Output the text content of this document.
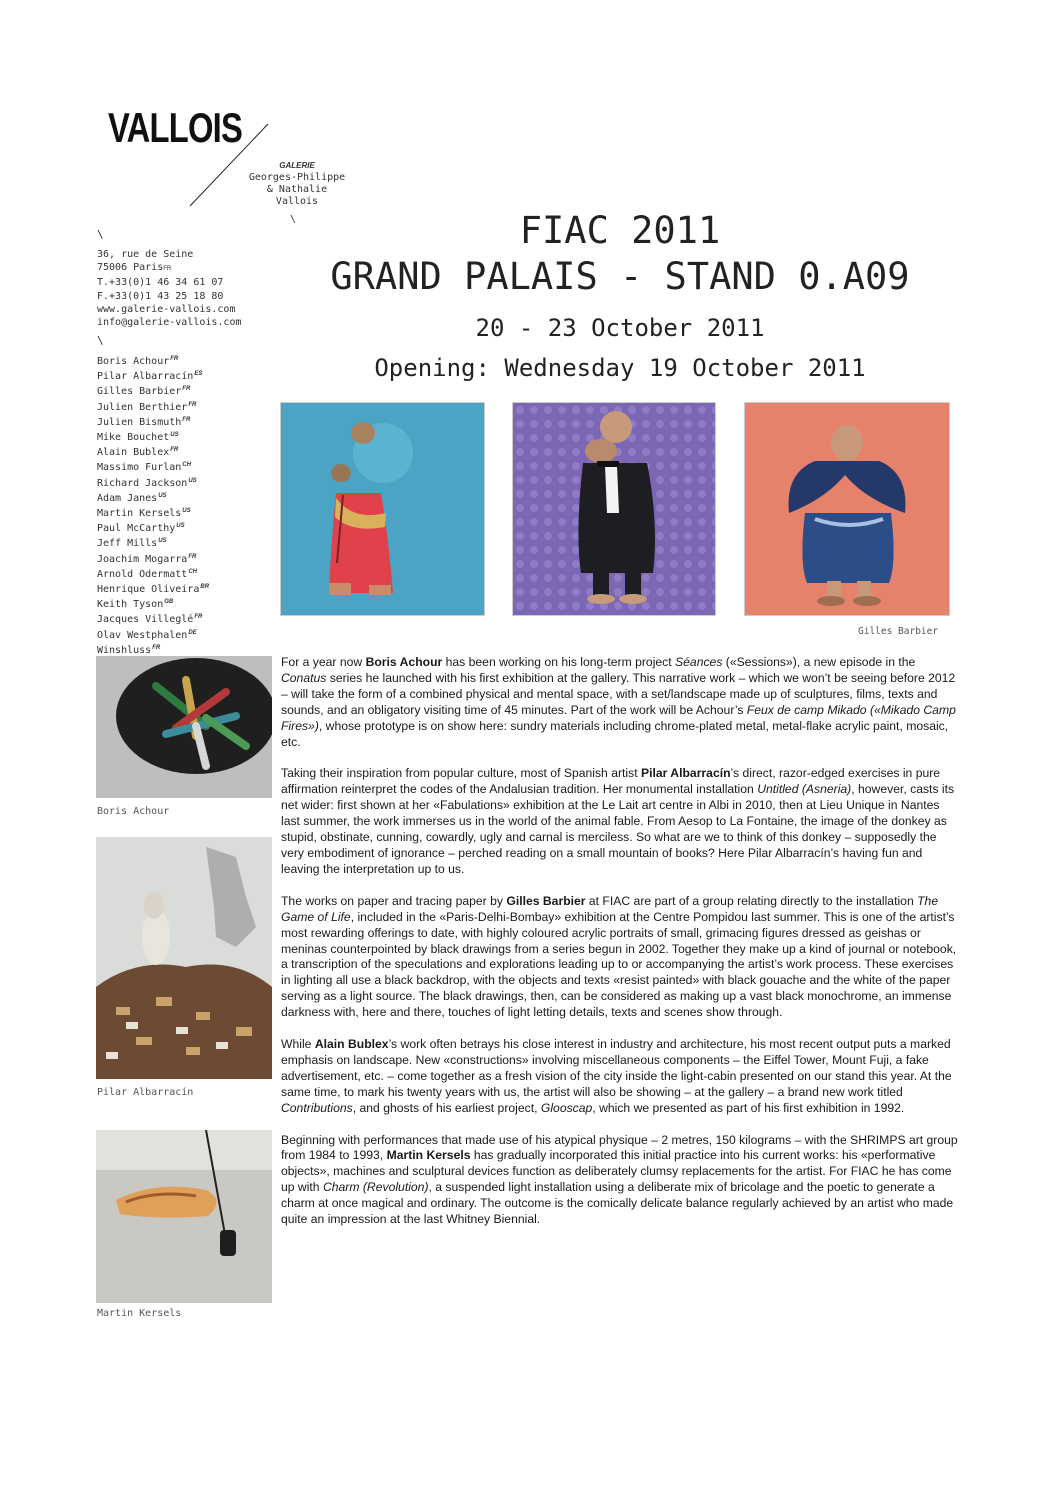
VALLOIS
GALERIE
Georges-Philippe
& Nathalie
Vallois
\
\
36, rue de Seine
75006 ParisFR
T.+33(0)1 46 34 61 07
F.+33(0)1 43 25 18 80
www.galerie-vallois.com
info@galerie-vallois.com
\
Boris Achour$^{FR}$
Pilar Albarracín$^{ES}$
Gilles Barbier$^{FR}$
Julien Berthier$^{FR}$
Julien Bismuth$^{FR}$
Mike Bouchet$^{US}$
Alain Bublex$^{FR}$
Massimo Furlan$^{CH}$
Richard Jackson$^{US}$
Adam Janes$^{US}$
Martin Kersels$^{US}$
Paul McCarthy$^{US}$
Jeff Mills$^{US}$
Joachim Mogarra$^{FR}$
Arnold Odermatt$^{CH}$
Henrique Oliveira$^{BR}$
Keith Tyson$^{GB}$
Jacques Villeglé$^{FR}$
Olav Westphalen$^{DE}$
Winshluss$^{FR}$
FIAC 2011
GRAND PALAIS - STAND 0.A09
20 - 23 October 2011
Opening: Wednesday 19 October 2011
Gilles Barbier
Boris Achour
Pilar Albarracín
Martin Kersels

For a year now Boris Achour has been working on his long-term project Séances («Sessions»), a new episode in the Conatus series he launched with his first exhibition at the gallery. This narrative work – which we won’t be seeing before 2012 – will take the form of a combined physical and mental space, with a set/landscape made up of sculptures, films, texts and sounds, and an obligatory visiting time of 45 minutes. Part of the work will be Achour’s Feux de camp Mikado («Mikado Camp Fires»), whose prototype is on show here: sundry materials including chrome-plated metal, metal-flake acrylic paint, mosaic, etc.

Taking their inspiration from popular culture, most of Spanish artist Pilar Albarracín’s direct, razor-edged exercises in pure affirmation reinterpret the codes of the Andalusian tradition. Her monumental installation Untitled (Asneria), however, casts its net wider: first shown at her «Fabulations» exhibition at the Le Lait art centre in Albi in 2010, then at Lieu Unique in Nantes last summer, the work immerses us in the world of the animal fable. From Aesop to La Fontaine, the image of the donkey as stupid, obstinate, cunning, cowardly, ugly and carnal is merciless. So what are we to think of this donkey – supposedly the very embodiment of ignorance – perched reading on a small mountain of books? Here Pilar Albarracín’s having fun and leaving the interpretation up to us.

The works on paper and tracing paper by Gilles Barbier at FIAC are part of a group relating directly to the installation The Game of Life, included in the «Paris-Delhi-Bombay» exhibition at the Centre Pompidou last summer. This is one of the artist’s most rewarding offerings to date, with highly coloured acrylic portraits of small, grimacing figures dressed as geishas or meninas counterpointed by black drawings from a series begun in 2002. Together they make up a kind of journal or notebook, a transcription of the speculations and explorations leading up to or accompanying the artist’s work process. These exercises in lighting all use a black backdrop, with the objects and texts «resist painted» with black gouache and the white of the paper serving as a light source. The black drawings, then, can be considered as making up a vast black monochrome, an immense darkness with, here and there, touches of light letting details, texts and scenes show through.

While Alain Bublex’s work often betrays his close interest in industry and architecture, his most recent output puts a marked emphasis on landscape. New «constructions» involving miscellaneous components – the Eiffel Tower, Mount Fuji, a fake advertisement, etc. – come together as a fresh vision of the city inside the light-cabin presented on our stand this year. At the same time, to mark his twenty years with us, the artist will also be showing – at the gallery – a brand new work titled Contributions, and ghosts of his earliest project, Glooscap, which we presented as part of his first exhibition in 1992.

Beginning with performances that made use of his atypical physique – 2 metres, 150 kilograms – with the SHRIMPS art group from 1984 to 1993, Martin Kersels has gradually incorporated this initial practice into his current works: his «performative objects», machines and sculptural devices function as deliberately clumsy replacements for the artist. For FIAC he has come up with Charm (Revolution), a suspended light installation using a deliberate mix of bricolage and the poetic to generate a charm at once magical and ordinary. The outcome is the comically delicate balance regularly achieved by an artist who made quite an impression at the last Whitney Biennial.
